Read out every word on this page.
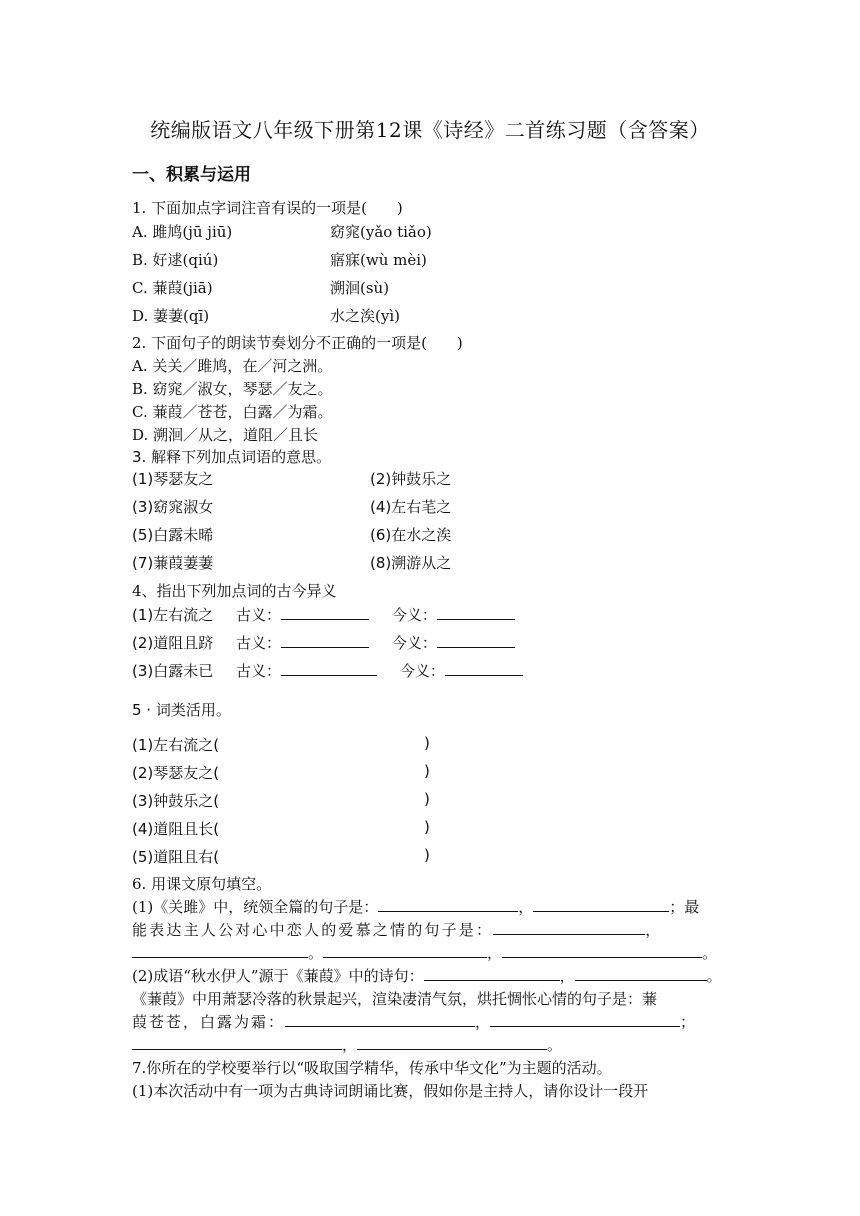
统编版语文八年级下册第12课《诗经》二首练习题（含答案）
一、积累与运用
1. 下面加点字词注音有误的一项是(　　)
A. 雎鸠(jū jiū)	窈窕(yǎo tiǎo)
B. 好逑(qiú)	寤寐(wù mèi)
C. 蒹葭(jiā)	溯洄(sù)
D. 萋萋(qī)	水之涘(yì)
2. 下面句子的朗读节奏划分不正确的一项是(　　)
A. 关关／雎鸠，在／河之洲。
B. 窈窕／淑女，琴瑟／友之。
C. 蒹葭／苍苍，白露／为霜。
D. 溯洄／从之，道阻／且长
3. 解释下列加点词语的意思。
(1)琴瑟友之	(2)钟鼓乐之
(3)窈窕淑女	(4)左右芼之
(5)白露未晞	(6)在水之涘
(7)蒹葭萋萋	(8)溯游从之
4、指出下列加点词的古今异义
(1)左右流之 古义：	今义：
(2)道阻且跻 古义：	今义：
(3)白露未已 古义：	今义：
5 · 词类活用。
(1)左右流之(	)
(2)琴瑟友之(	)
(3)钟鼓乐之(	)
(4)道阻且长(	)
(5)道阻且右(	)
6. 用课文原句填空。
(1)《关雎》中，统领全篇的句子是：	，	；最
能表达主人公对心中恋人的爱慕之情的句子是：	，
。	，	。
(2)成语“秋水伊人”源于《蒹葭》中的诗句：	，	。
《蒹葭》中用萧瑟冷落的秋景起兴，渲染凄清气氛，烘托惆怅心情的句子是：蒹
葭苍苍，白露为霜：	，	；
，	。
7.你所在的学校要举行以“吸取国学精华，传承中华文化”为主题的活动。
(1)本次活动中有一项为古典诗词朗诵比赛，假如你是主持人，请你设计一段开
